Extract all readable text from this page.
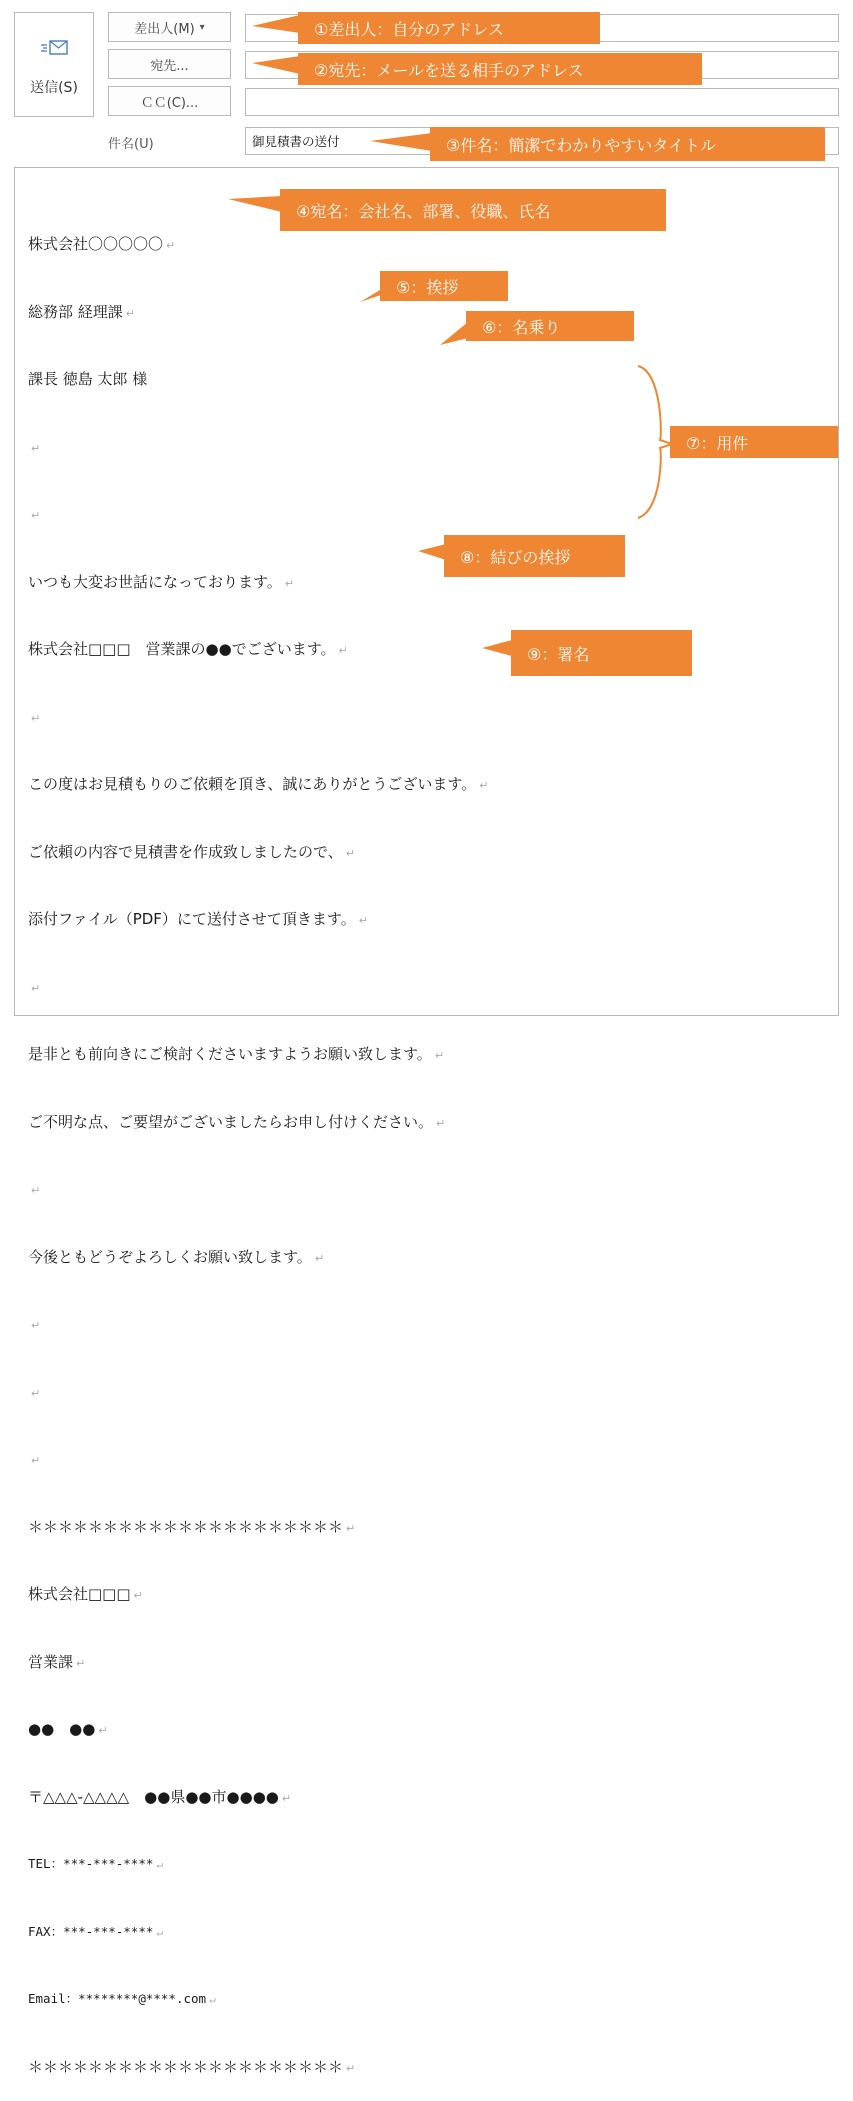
送信(S)
差出人(M) ▾
宛先...
ＣＣ(C)...
件名(U)	御見積書の送付

株式会社〇〇〇〇〇 ↵

総務部 経理課 ↵

課長 徳島 太郎 様

↵

↵

いつも大変お世話になっております。 ↵

株式会社□□□　営業課の●●でございます。 ↵

↵

この度はお見積もりのご依頼を頂き、誠にありがとうございます。 ↵

ご依頼の内容で見積書を作成致しましたので、 ↵

添付ファイル（PDF）にて送付させて頂きます。 ↵

↵

是非とも前向きにご検討くださいますようお願い致します。 ↵

ご不明な点、ご要望がございましたらお申し付けください。 ↵

↵

今後ともどうぞよろしくお願い致します。 ↵

↵

↵

↵

＊＊＊＊＊＊＊＊＊＊＊＊＊＊＊＊＊＊＊＊＊ ↵

株式会社□□□ ↵

営業課 ↵

●●　●● ↵

〒△△△-△△△△　●●県●●市●●●● ↵

TEL：***-***-**** ↵

FAX：***-***-**** ↵

Email：********@****.com ↵

＊＊＊＊＊＊＊＊＊＊＊＊＊＊＊＊＊＊＊＊＊ ↵

①差出人：自分のアドレス
②宛先：メールを送る相手のアドレス
③件名：簡潔でわかりやすいタイトル
④宛名：会社名、部署、役職、氏名
⑤：挨拶
⑥：名乗り
⑦：用件
⑧：結びの挨拶
⑨：署名
